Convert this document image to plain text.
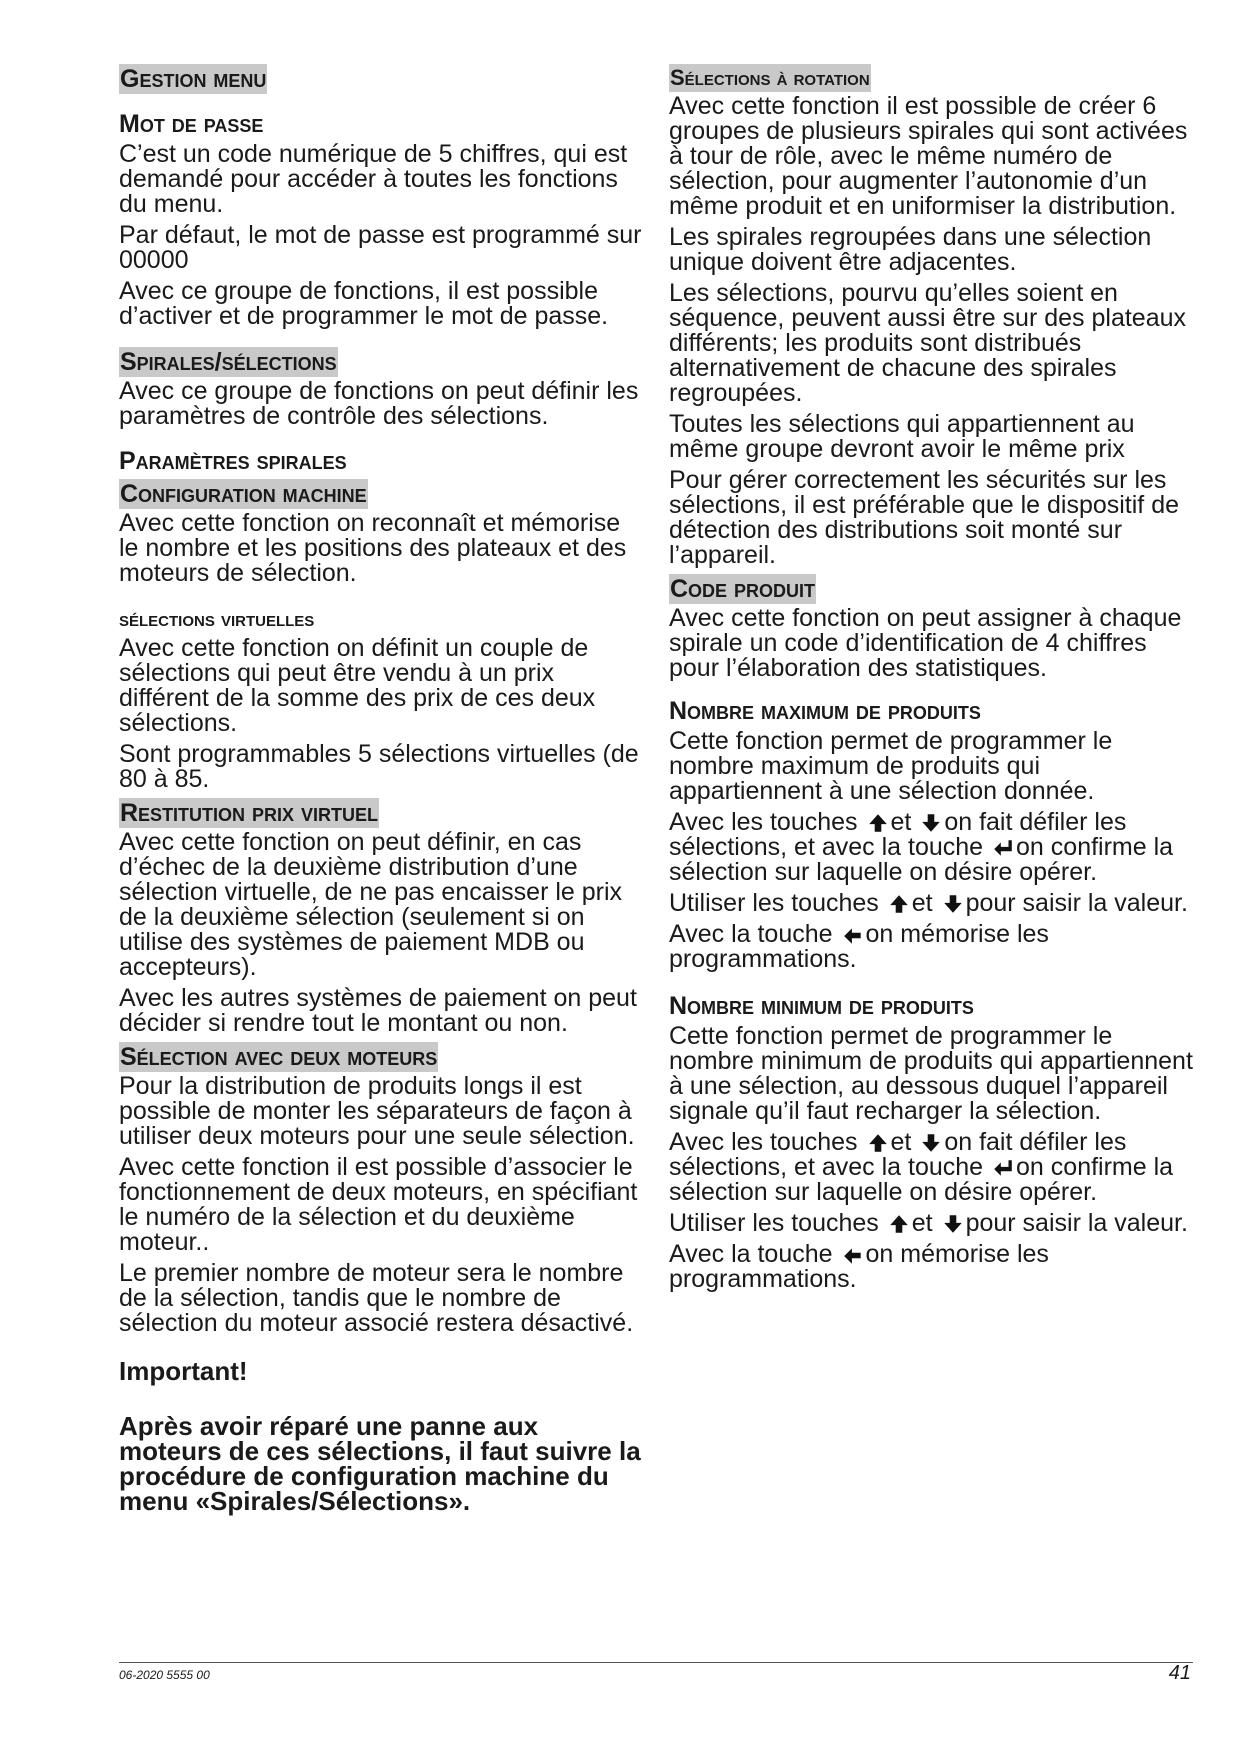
Gestion menu
Mot de passe

C’est un code numérique de 5 chiffres, qui est demandé pour accéder à toutes les fonctions du menu.

Par défaut, le mot de passe est programmé sur 00000

Avec ce groupe de fonctions, il est possible d’activer et de programmer le mot de passe.

Spirales/sélections

Avec ce groupe de fonctions on peut définir les paramètres de contrôle des sélections.

Paramètres spirales
Configuration machine

Avec cette fonction on reconnaît et mémorise le nombre et les positions des plateaux et des moteurs de sélection.

sélections virtuelles

Avec cette fonction on définit un couple de sélections qui peut être vendu à un prix différent de la somme des prix de ces deux sélections.

Sont programmables 5 sélections virtuelles (de 80 à 85.

Restitution prix virtuel

Avec cette fonction on peut définir, en cas d’échec de la deuxième distribution d’une sélection virtuelle, de ne pas encaisser le prix de la deuxième sélection (seulement si on utilise des systèmes de paiement MDB ou accepteurs).

Avec les autres systèmes de paiement on peut décider si rendre tout le montant ou non.

Sélection avec deux moteurs

Pour la distribution de produits longs il est possible de monter les séparateurs de façon à utiliser deux moteurs pour une seule sélection.

Avec cette fonction il est possible d’associer le fonctionnement de deux moteurs, en spécifiant le numéro de la sélection et du deuxième moteur..

Le premier nombre de moteur sera le nombre de la sélection, tandis que le nombre de sélection du moteur associé restera désactivé.

Important!
Après avoir réparé une panne aux moteurs de ces sélections, il faut suivre la procédure de configuration machine du menu «Spirales/Sélections».
Sélections à rotation

Avec cette fonction il est possible de créer 6 groupes de plusieurs spirales qui sont activées à tour de rôle, avec le même numéro de sélection, pour augmenter l’autonomie d’un même produit et en uniformiser la distribution.

Les spirales regroupées dans une sélection unique doivent être adjacentes.

Les sélections, pourvu qu’elles soient en séquence, peuvent aussi être sur des plateaux différents; les produits sont distribués alternativement de chacune des spirales regroupées.

Toutes les sélections qui appartiennent au même groupe devront avoir le même prix

Pour gérer correctement les sécurités sur les sélections, il est préférable que le dispositif de détection des distributions soit monté sur l’appareil.

Code produit

Avec cette fonction on peut assigner à chaque spirale un code d’identification de 4 chiffres pour l’élaboration des statistiques.

Nombre maximum de produits

Cette fonction permet de programmer le nombre maximum de produits qui appartiennent à une sélection donnée.

Avec les touches et on fait défiler les sélections, et avec la touche on confirme la sélection sur laquelle on désire opérer.

Utiliser les touches et pour saisir la valeur.

Avec la touche on mémorise les programmations.

Nombre minimum de produits

Cette fonction permet de programmer le nombre minimum de produits qui appartiennent à une sélection, au dessous duquel l’appareil signale qu’il faut recharger la sélection.

Avec les touches et on fait défiler les sélections, et avec la touche on confirme la sélection sur laquelle on désire opérer.

Utiliser les touches et pour saisir la valeur.

Avec la touche on mémorise les programmations.

06-2020 5555 00	41
